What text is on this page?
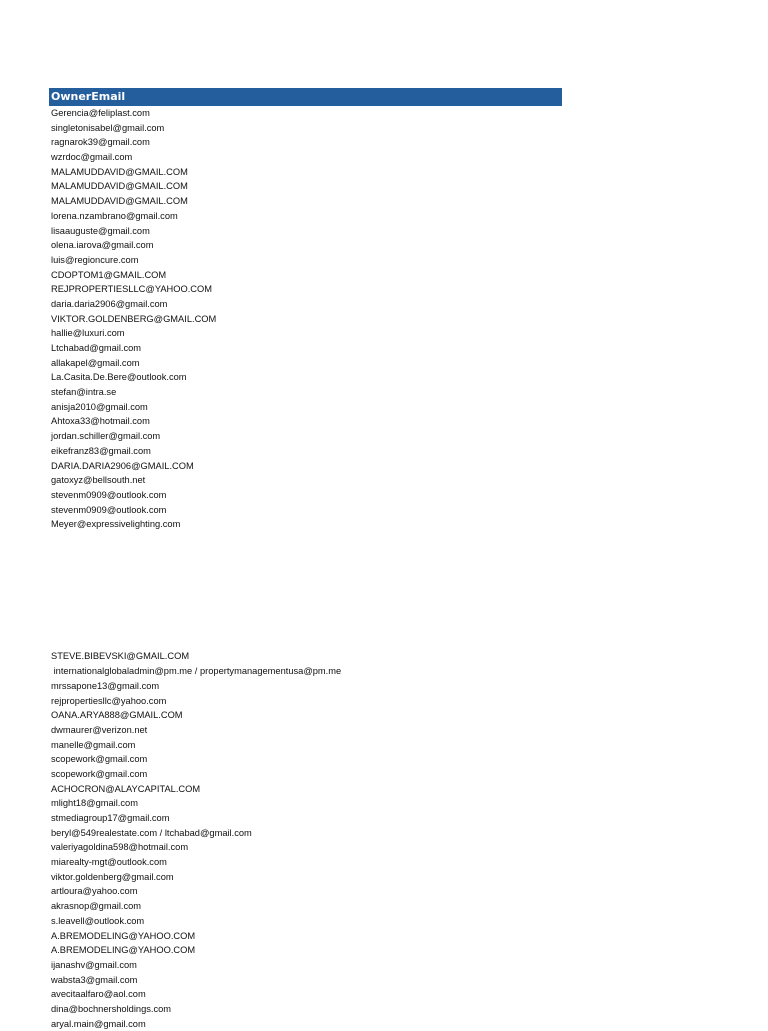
OwnerEmail
Gerencia@feliplast.com
singletonisabel@gmail.com
ragnarok39@gmail.com
wzrdoc@gmail.com
MALAMUDDAVID@GMAIL.COM
MALAMUDDAVID@GMAIL.COM
MALAMUDDAVID@GMAIL.COM
lorena.nzambrano@gmail.com
lisaauguste@gmail.com
olena.iarova@gmail.com
luis@regioncure.com
CDOPTOM1@GMAIL.COM
REJPROPERTIESLLC@YAHOO.COM
daria.daria2906@gmail.com
VIKTOR.GOLDENBERG@GMAIL.COM
hallie@luxuri.com
Ltchabad@gmail.com
allakapel@gmail.com
La.Casita.De.Bere@outlook.com
stefan@intra.se
anisja2010@gmail.com
Ahtoxa33@hotmail.com
jordan.schiller@gmail.com
eikefranz83@gmail.com
DARIA.DARIA2906@GMAIL.COM
gatoxyz@bellsouth.net
stevenm0909@outlook.com
stevenm0909@outlook.com
Meyer@expressivelighting.com
STEVE.BIBEVSKI@GMAIL.COM
internationalglobaladmin@pm.me / propertymanagementusa@pm.me
mrssapone13@gmail.com
rejpropertiesllc@yahoo.com
OANA.ARYA888@GMAIL.COM
dwmaurer@verizon.net
manelle@gmail.com
scopework@gmail.com
scopework@gmail.com
ACHOCRON@ALAYCAPITAL.COM
mlight18@gmail.com
stmediagroup17@gmail.com
beryl@549realestate.com / ltchabad@gmail.com
valeriyagoldina598@hotmail.com
miarealty-mgt@outlook.com
viktor.goldenberg@gmail.com
artloura@yahoo.com
akrasnop@gmail.com
s.leavell@outlook.com
A.BREMODELING@YAHOO.COM
A.BREMODELING@YAHOO.COM
ijanashv@gmail.com
wabsta3@gmail.com
avecitaalfaro@aol.com
dina@bochnersholdings.com
aryal.main@gmail.com
